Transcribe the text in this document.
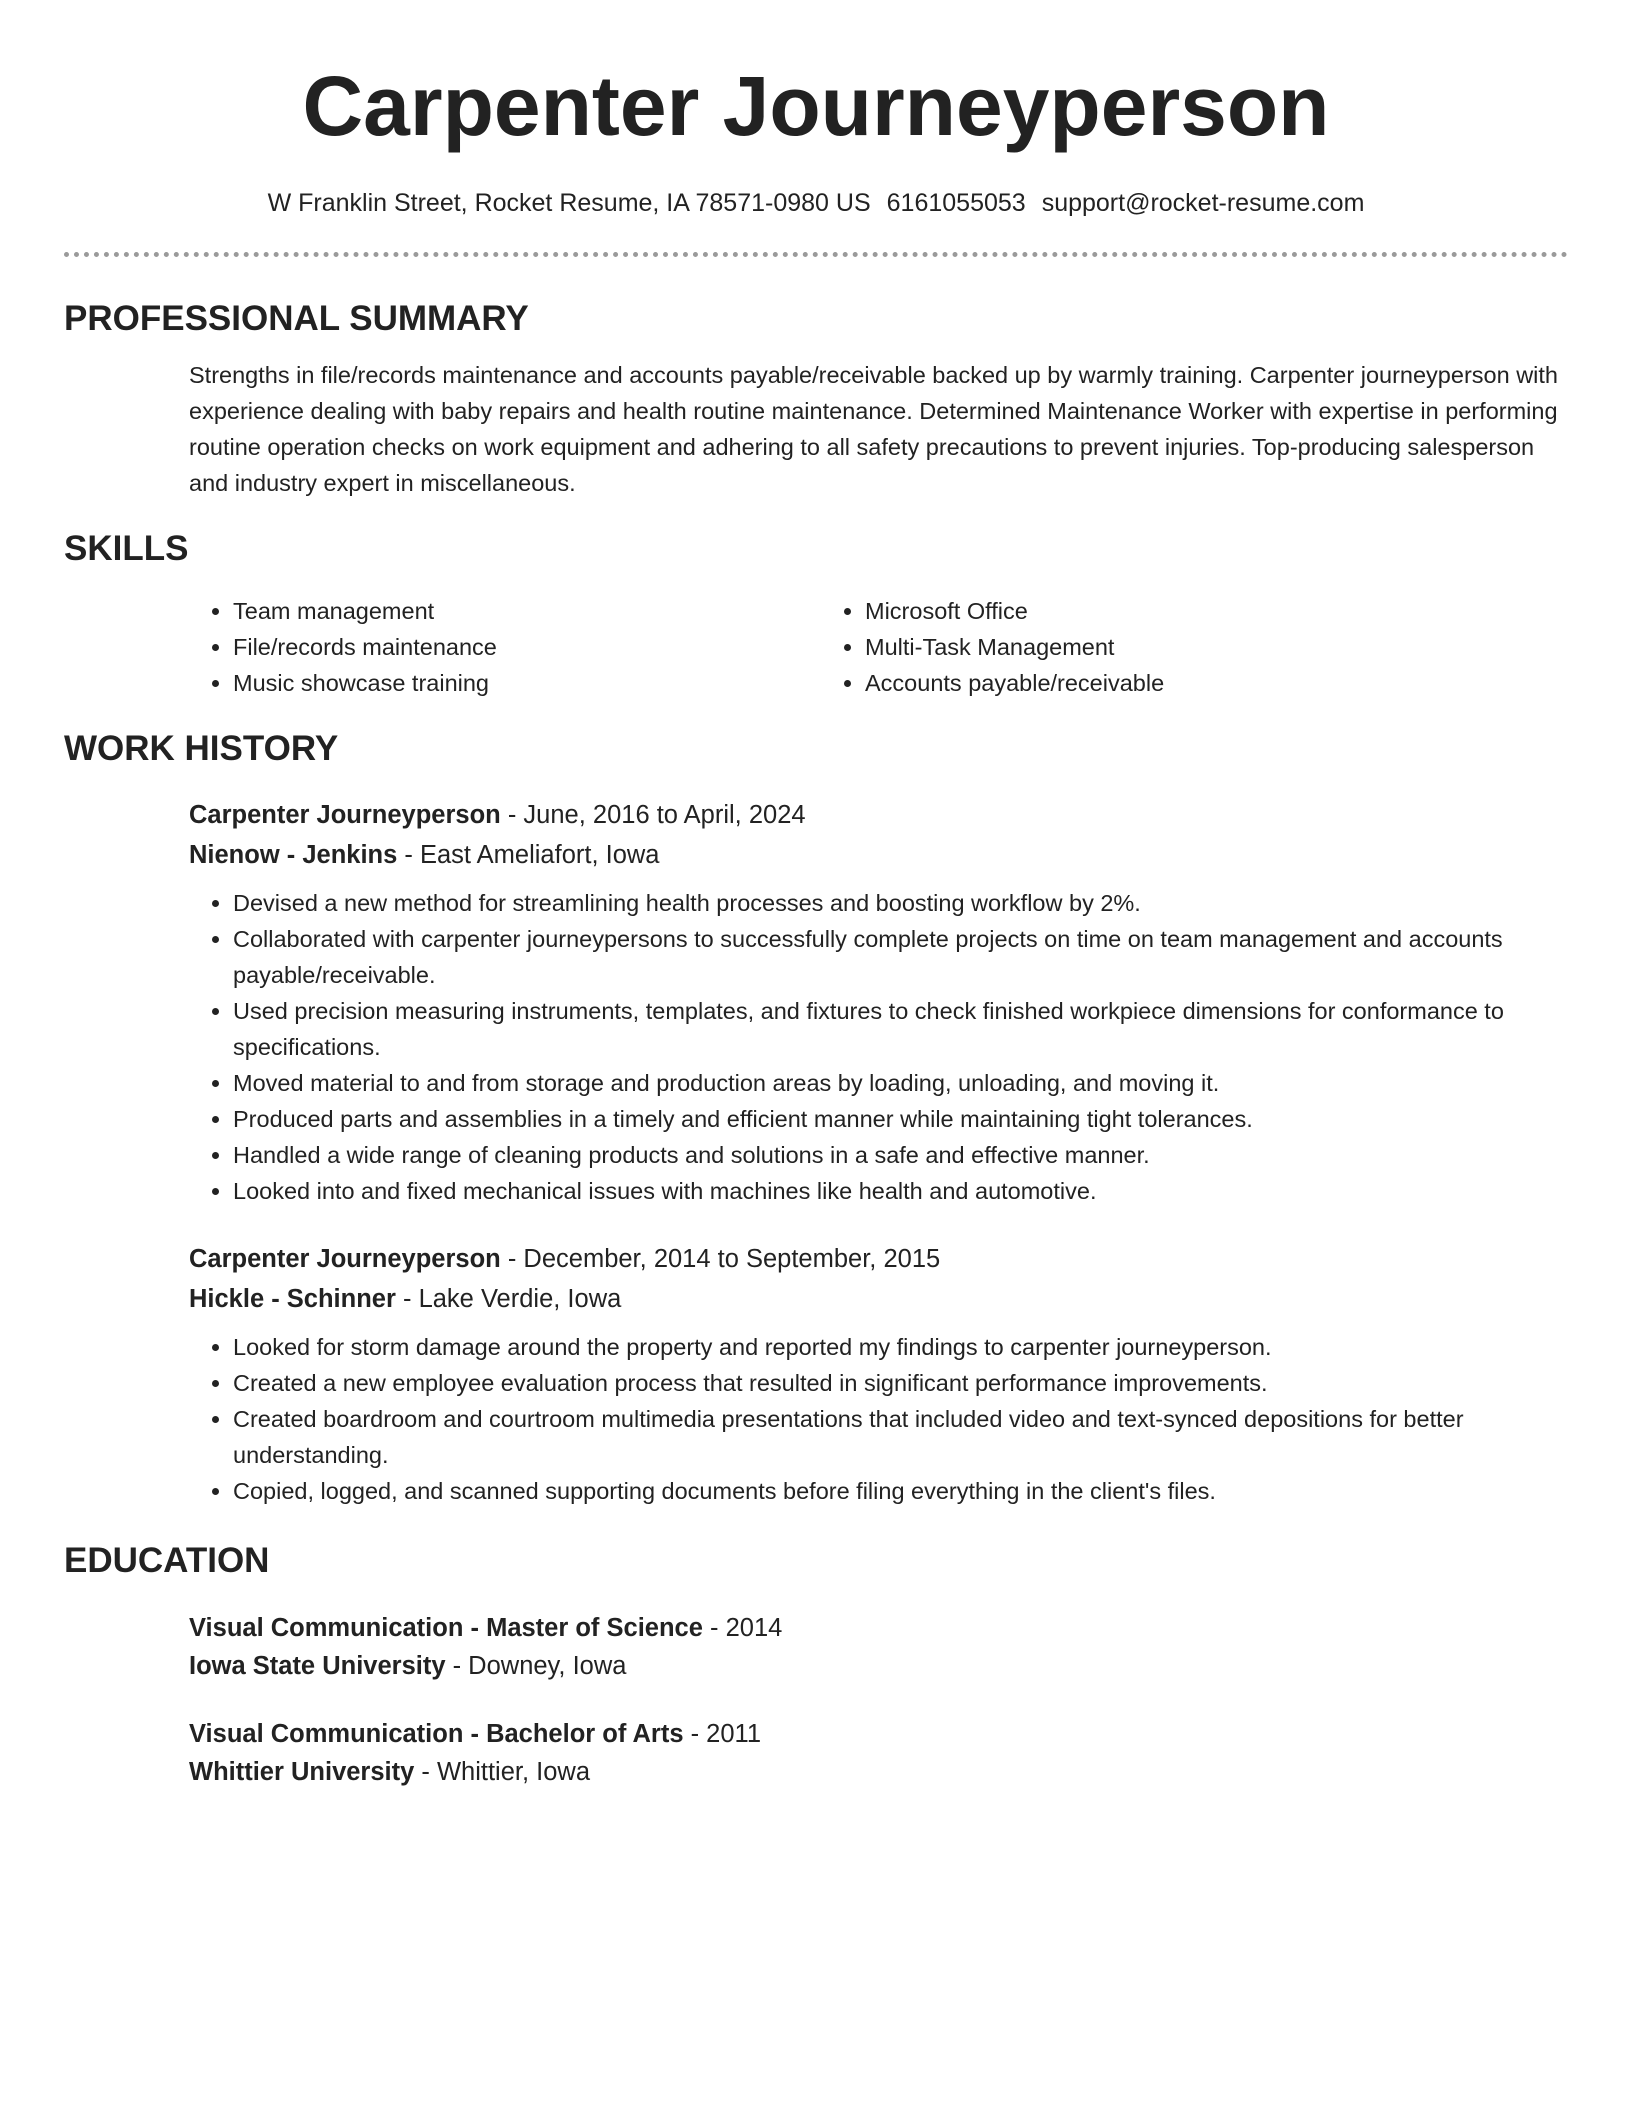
Carpenter Journeyperson
W Franklin Street, Rocket Resume, IA 78571-0980 US 6161055053 support@rocket-resume.com
PROFESSIONAL SUMMARY
Strengths in file/records maintenance and accounts payable/receivable backed up by warmly training. Carpenter journeyperson with experience dealing with baby repairs and health routine maintenance. Determined Maintenance Worker with expertise in performing routine operation checks on work equipment and adhering to all safety precautions to prevent injuries. Top-producing salesperson and industry expert in miscellaneous.
SKILLS
• Team management
• File/records maintenance
• Music showcase training
• Microsoft Office
• Multi-Task Management
• Accounts payable/receivable
WORK HISTORY
Carpenter Journeyperson - June, 2016 to April, 2024
Nienow - Jenkins - East Ameliafort, Iowa
• Devised a new method for streamlining health processes and boosting workflow by 2%.
• Collaborated with carpenter journeypersons to successfully complete projects on time on team management and accounts payable/receivable.
• Used precision measuring instruments, templates, and fixtures to check finished workpiece dimensions for conformance to specifications.
• Moved material to and from storage and production areas by loading, unloading, and moving it.
• Produced parts and assemblies in a timely and efficient manner while maintaining tight tolerances.
• Handled a wide range of cleaning products and solutions in a safe and effective manner.
• Looked into and fixed mechanical issues with machines like health and automotive.
Carpenter Journeyperson - December, 2014 to September, 2015
Hickle - Schinner - Lake Verdie, Iowa
• Looked for storm damage around the property and reported my findings to carpenter journeyperson.
• Created a new employee evaluation process that resulted in significant performance improvements.
• Created boardroom and courtroom multimedia presentations that included video and text-synced depositions for better understanding.
• Copied, logged, and scanned supporting documents before filing everything in the client's files.
EDUCATION
Visual Communication - Master of Science - 2014
Iowa State University - Downey, Iowa
Visual Communication - Bachelor of Arts - 2011
Whittier University - Whittier, Iowa
